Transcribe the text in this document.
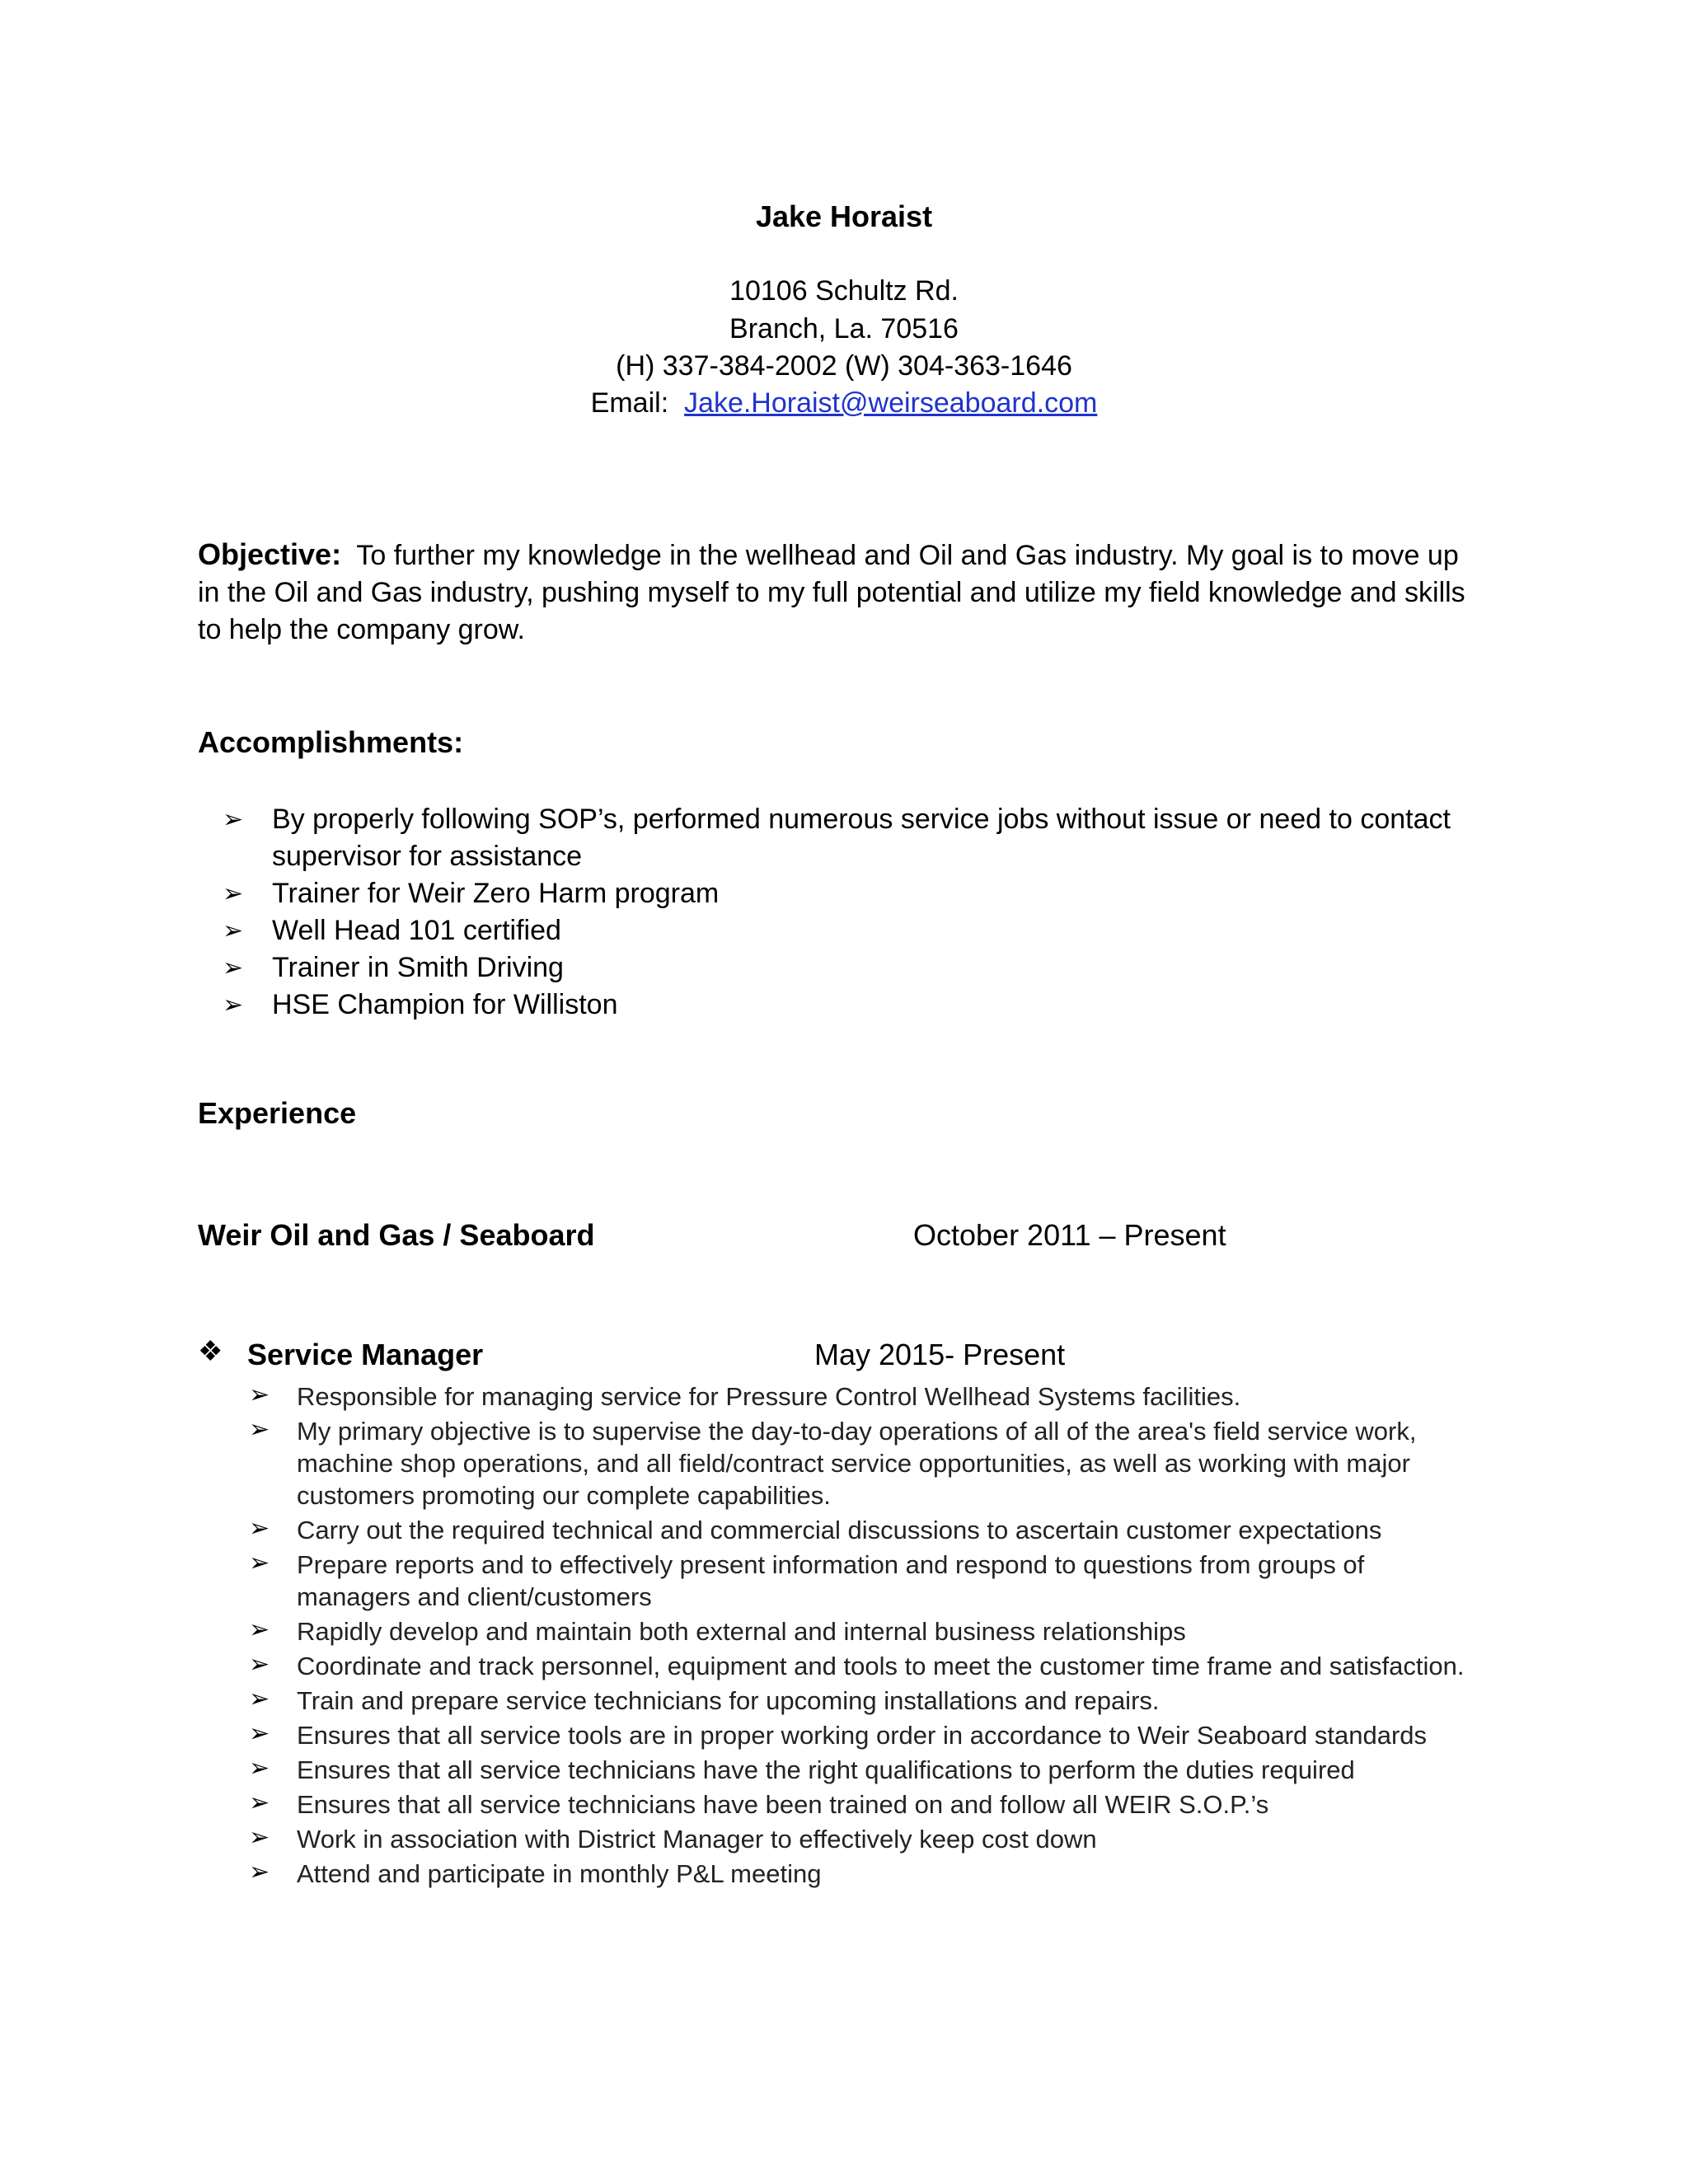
Jake Horaist
10106 Schultz Rd.
Branch, La. 70516
(H) 337-384-2002 (W) 304-363-1646
Email: Jake.Horaist@weirseaboard.com
Objective: To further my knowledge in the wellhead and Oil and Gas industry. My goal is to move up in the Oil and Gas industry, pushing myself to my full potential and utilize my field knowledge and skills to help the company grow.
Accomplishments:
➢ By properly following SOP’s, performed numerous service jobs without issue or need to contact supervisor for assistance
➢ Trainer for Weir Zero Harm program
➢ Well Head 101 certified
➢ Trainer in Smith Driving
➢ HSE Champion for Williston
Experience
Weir Oil and Gas / Seaboard	October 2011 – Present
❖ Service Manager	May 2015- Present
➢ Responsible for managing service for Pressure Control Wellhead Systems facilities.
➢ My primary objective is to supervise the day-to-day operations of all of the area's field service work, machine shop operations, and all field/contract service opportunities, as well as working with major customers promoting our complete capabilities.
➢ Carry out the required technical and commercial discussions to ascertain customer expectations
➢ Prepare reports and to effectively present information and respond to questions from groups of managers and client/customers
➢ Rapidly develop and maintain both external and internal business relationships
➢ Coordinate and track personnel, equipment and tools to meet the customer time frame and satisfaction.
➢ Train and prepare service technicians for upcoming installations and repairs.
➢ Ensures that all service tools are in proper working order in accordance to Weir Seaboard standards
➢ Ensures that all service technicians have the right qualifications to perform the duties required
➢ Ensures that all service technicians have been trained on and follow all WEIR S.O.P.’s
➢ Work in association with District Manager to effectively keep cost down
➢ Attend and participate in monthly P&L meeting
